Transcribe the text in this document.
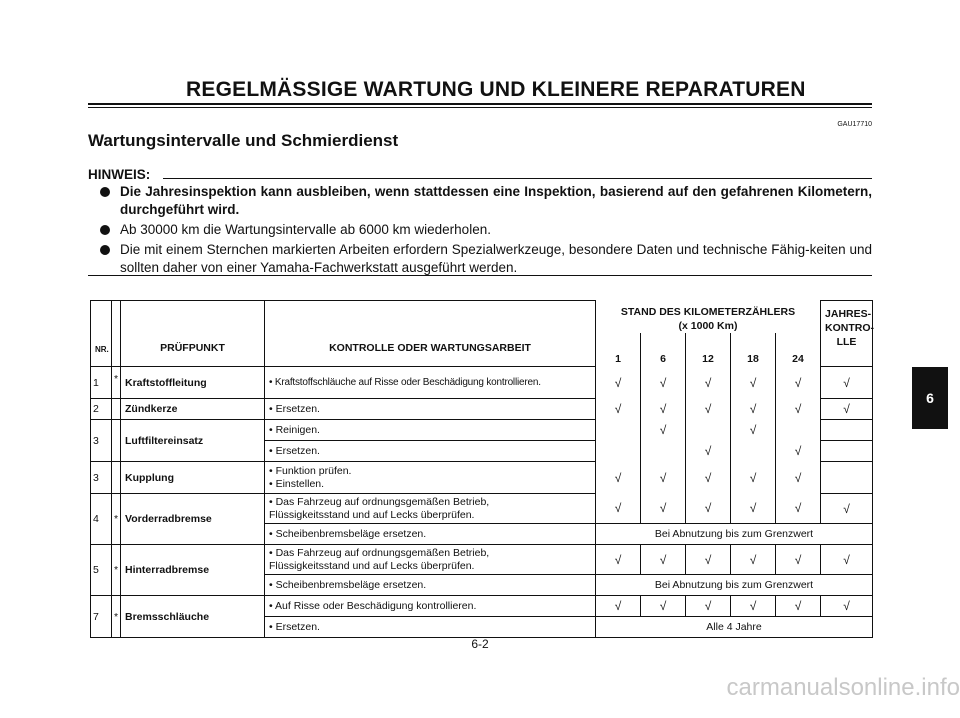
REGELMÄSSIGE WARTUNG UND KLEINERE REPARATUREN
GAU17710
Wartungsintervalle und Schmierdienst
HINWEIS:
Die Jahresinspektion kann ausbleiben, wenn stattdessen eine Inspektion, basierend auf den gefahrenen Kilometern, durchgeführt wird.
Ab 30000 km die Wartungsintervalle ab 6000 km wiederholen.
Die mit einem Sternchen markierten Arbeiten erfordern Spezialwerkzeuge, besondere Daten und technische Fähig-keiten und sollten daher von einer Yamaha-Fachwerkstatt ausgeführt werden.
NR.		PRÜFPUNKT	KONTROLLE ODER WARTUNGSARBEIT	STAND DES KILOMETERZÄHLERS
(x 1000 Km)					JAHRES-KONTRO-LLE
				1	6	12	18	24	
1	*	Kraftstoffleitung	• Kraftstoffschläuche auf Risse oder Beschädigung kontrollieren.	√	√	√	√	√	√
2		Zündkerze	• Ersetzen.	√	√	√	√	√	√
3		Luftfiltereinsatz	• Reinigen.		√		√		
			• Ersetzen.			√		√	
3		Kupplung	• Funktion prüfen.
• Einstellen.	√	√	√	√	√	
4	*	Vorderradbremse	• Das Fahrzeug auf ordnungsgemäßen Betrieb,
Flüssigkeitsstand und auf Lecks überprüfen.	√	√	√	√	√	√
			• Scheibenbremsbeläge ersetzen.	Bei Abnutzung bis zum Grenzwert					
5	*	Hinterradbremse	• Das Fahrzeug auf ordnungsgemäßen Betrieb,
Flüssigkeitsstand und auf Lecks überprüfen.	√	√	√	√	√	√
			• Scheibenbremsbeläge ersetzen.	Bei Abnutzung bis zum Grenzwert					
7	*	Bremsschläuche	• Auf Risse oder Beschädigung kontrollieren.	√	√	√	√	√	√
			• Ersetzen.	Alle 4 Jahre					
6
6-2
carmanualsonline.info
